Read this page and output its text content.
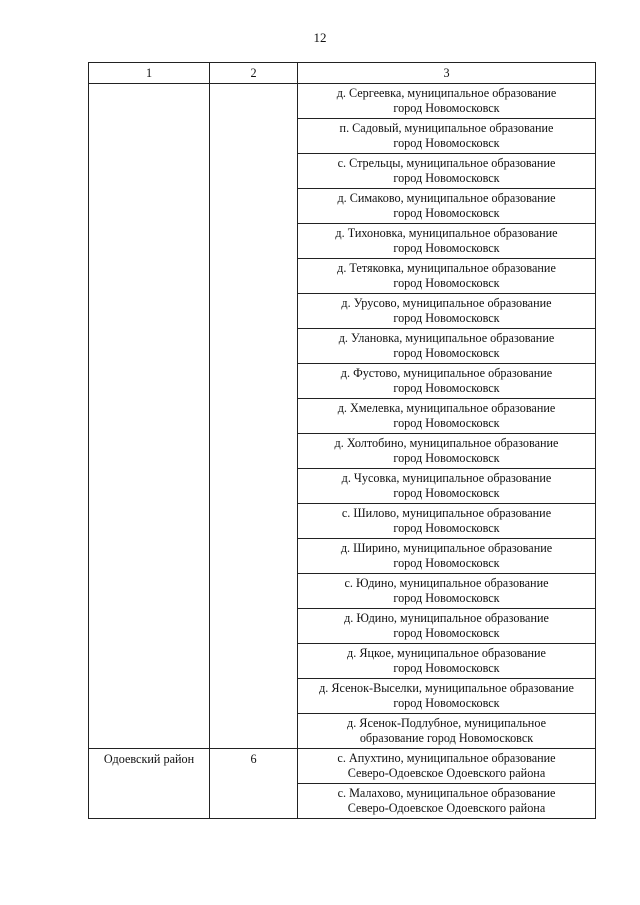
12
1	2	3

		д. Сергеевка, муниципальное образование
город Новомосковск

		п. Садовый, муниципальное образование
город Новомосковск

		с. Стрельцы, муниципальное образование
город Новомосковск

		д. Симаково, муниципальное образование
город Новомосковск

		д. Тихоновка, муниципальное образование
город Новомосковск

		д. Тетяковка, муниципальное образование
город Новомосковск

		д. Урусово, муниципальное образование
город Новомосковск

		д. Улановка, муниципальное образование
город Новомосковск

		д. Фустово, муниципальное образование
город Новомосковск

		д. Хмелевка, муниципальное образование
город Новомосковск

		д. Холтобино, муниципальное образование
город Новомосковск

		д. Чусовка, муниципальное образование
город Новомосковск

		с. Шилово, муниципальное образование
город Новомосковск

		д. Ширино, муниципальное образование
город Новомосковск

		с. Юдино, муниципальное образование
город Новомосковск

		д. Юдино, муниципальное образование
город Новомосковск

		д. Яцкое, муниципальное образование
город Новомосковск

		д. Ясенок-Выселки, муниципальное образование
город Новомосковск

		д. Ясенок-Подлубное, муниципальное
образование город Новомосковск

Одоевский район	6	с. Апухтино, муниципальное образование
Северо-Одоевское Одоевского района

		с. Малахово, муниципальное образование
Северо-Одоевское Одоевского района
